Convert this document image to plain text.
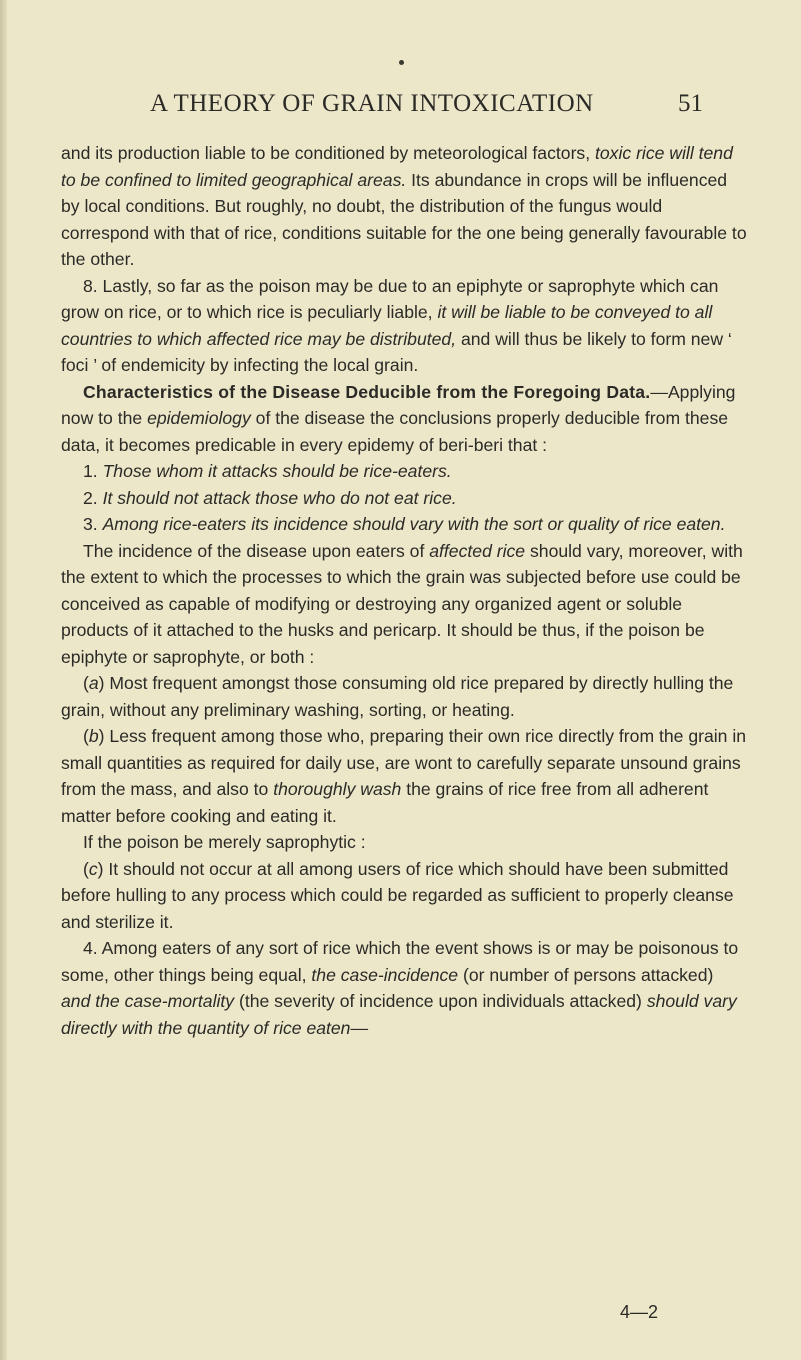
A THEORY OF GRAIN INTOXICATION	51

and its production liable to be conditioned by meteorological factors, toxic rice will tend to be confined to limited geographical areas. Its abundance in crops will be influenced by local conditions. But roughly, no doubt, the distribution of the fungus would correspond with that of rice, conditions suitable for the one being generally favourable to the other.

8. Lastly, so far as the poison may be due to an epiphyte or saprophyte which can grow on rice, or to which rice is peculiarly liable, it will be liable to be conveyed to all countries to which affected rice may be distributed, and will thus be likely to form new ‘ foci ’ of endemicity by infecting the local grain.

Characteristics of the Disease Deducible from the Foregoing Data.—Applying now to the epidemiology of the disease the conclusions properly deducible from these data, it becomes predicable in every epidemy of beri-beri that :

1. Those whom it attacks should be rice-eaters.

2. It should not attack those who do not eat rice.

3. Among rice-eaters its incidence should vary with the sort or quality of rice eaten.

The incidence of the disease upon eaters of affected rice should vary, moreover, with the extent to which the processes to which the grain was subjected before use could be conceived as capable of modifying or destroying any organized agent or soluble products of it attached to the husks and pericarp. It should be thus, if the poison be epiphyte or saprophyte, or both :

(a) Most frequent amongst those consuming old rice prepared by directly hulling the grain, without any preliminary washing, sorting, or heating.

(b) Less frequent among those who, preparing their own rice directly from the grain in small quantities as required for daily use, are wont to carefully separate unsound grains from the mass, and also to thoroughly wash the grains of rice free from all adherent matter before cooking and eating it.

If the poison be merely saprophytic :

(c) It should not occur at all among users of rice which should have been submitted before hulling to any process which could be regarded as sufficient to properly cleanse and sterilize it.

4. Among eaters of any sort of rice which the event shows is or may be poisonous to some, other things being equal, the case-incidence (or number of persons attacked) and the case-mortality (the severity of incidence upon individuals attacked) should vary directly with the quantity of rice eaten—

4—2
